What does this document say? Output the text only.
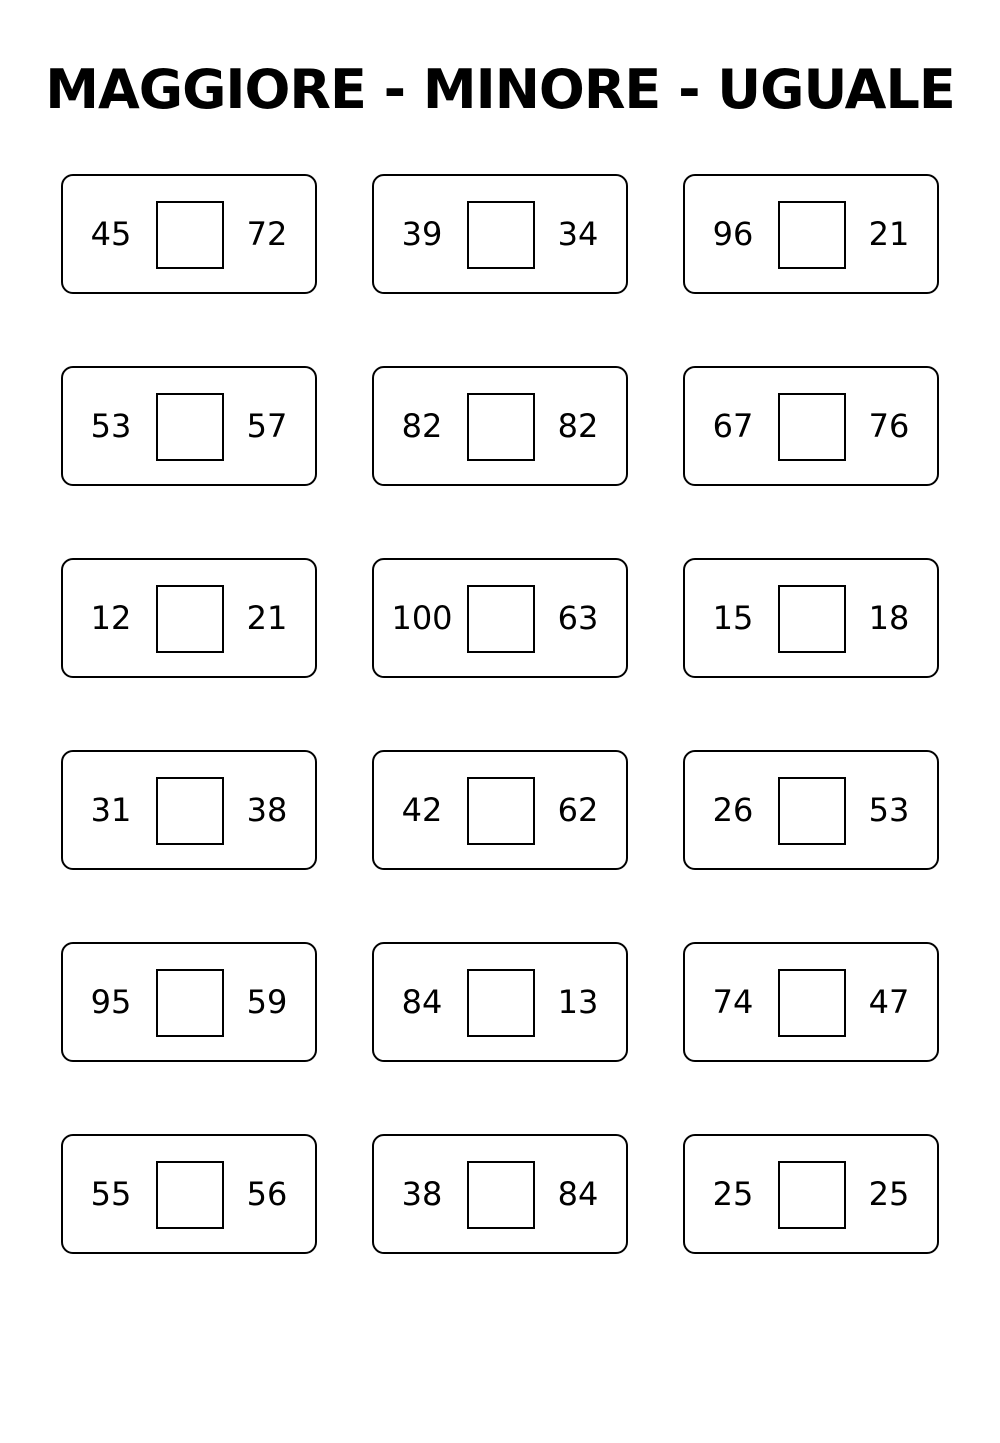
MAGGIORE - MINORE - UGUALE
45	72	39	34	96	21
53	57	82	82	67	76
12	21	100	63	15	18
31	38	42	62	26	53
95	59	84	13	74	47
55	56	38	84	25	25
